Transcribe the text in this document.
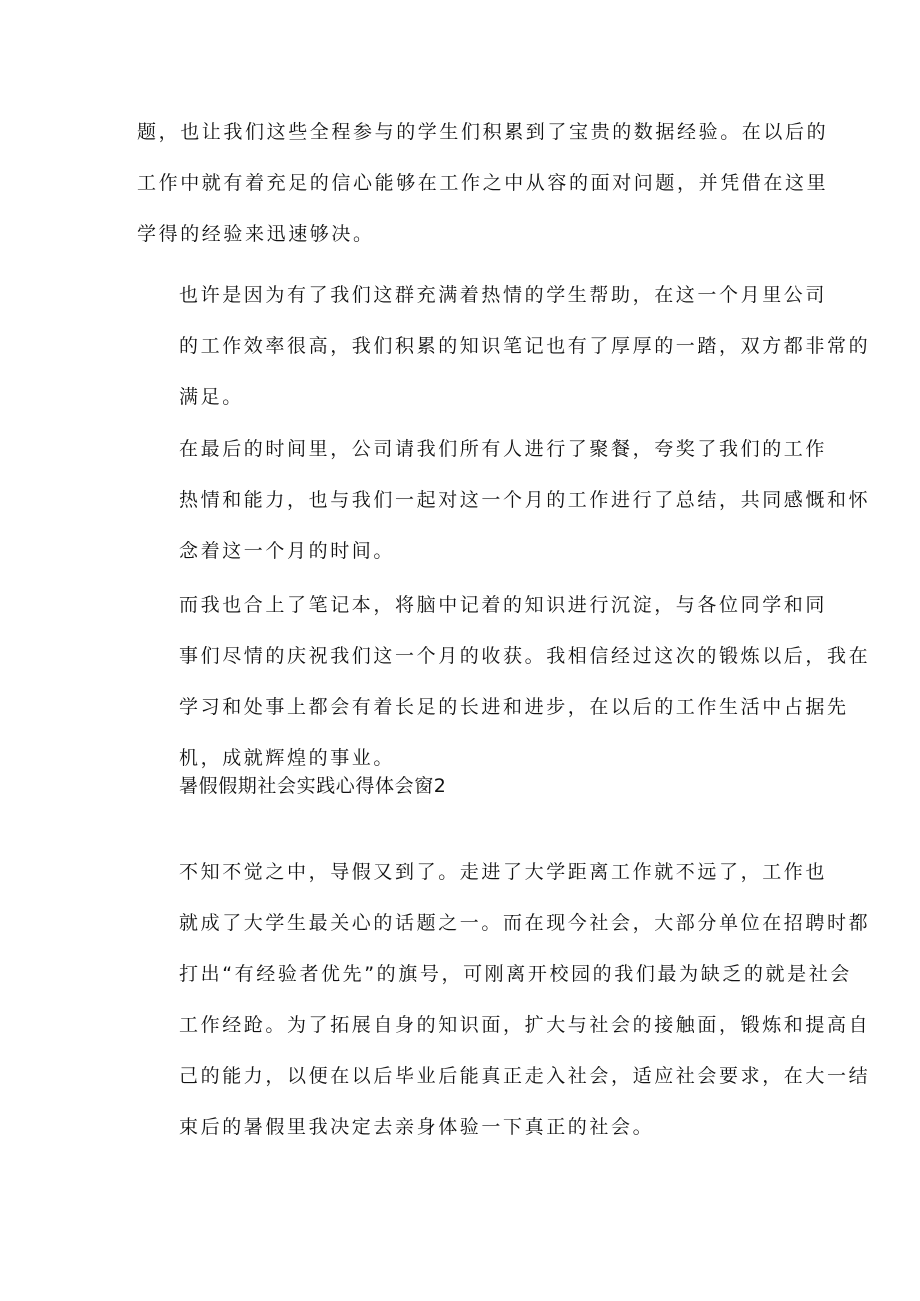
题，也让我们这些全程参与的学生们积累到了宝贵的数据经验。在以后的
工作中就有着充足的信心能够在工作之中从容的面对问题，并凭借在这里
学得的经验来迅速够决。

也许是因为有了我们这群充满着热情的学生帮助，在这一个月里公司
的工作效率很高，我们积累的知识笔记也有了厚厚的一踏，双方都非常的
满足。

在最后的时间里，公司请我们所有人进行了聚餐，夸奖了我们的工作
热情和能力，也与我们一起对这一个月的工作进行了总结，共同感慨和怀
念着这一个月的时间。

而我也合上了笔记本，将脑中记着的知识进行沉淀，与各位同学和同
事们尽情的庆祝我们这一个月的收获。我相信经过这次的锻炼以后，我在
学习和处事上都会有着长足的长进和进步，在以后的工作生活中占据先
机，成就辉煌的事业。

暑假假期社会实践心得体会窗2

不知不觉之中，导假又到了。走进了大学距离工作就不远了，工作也
就成了大学生最关心的话题之一。而在现今社会，大部分单位在招聘时都
打出“有经验者优先”的旗号，可刚离开校园的我们最为缺乏的就是社会
工作经跄。为了拓展自身的知识面，扩大与社会的接触面，锻炼和提高自
己的能力，以便在以后毕业后能真正走入社会，适应社会要求，在大一结
束后的暑假里我决定去亲身体验一下真正的社会。
